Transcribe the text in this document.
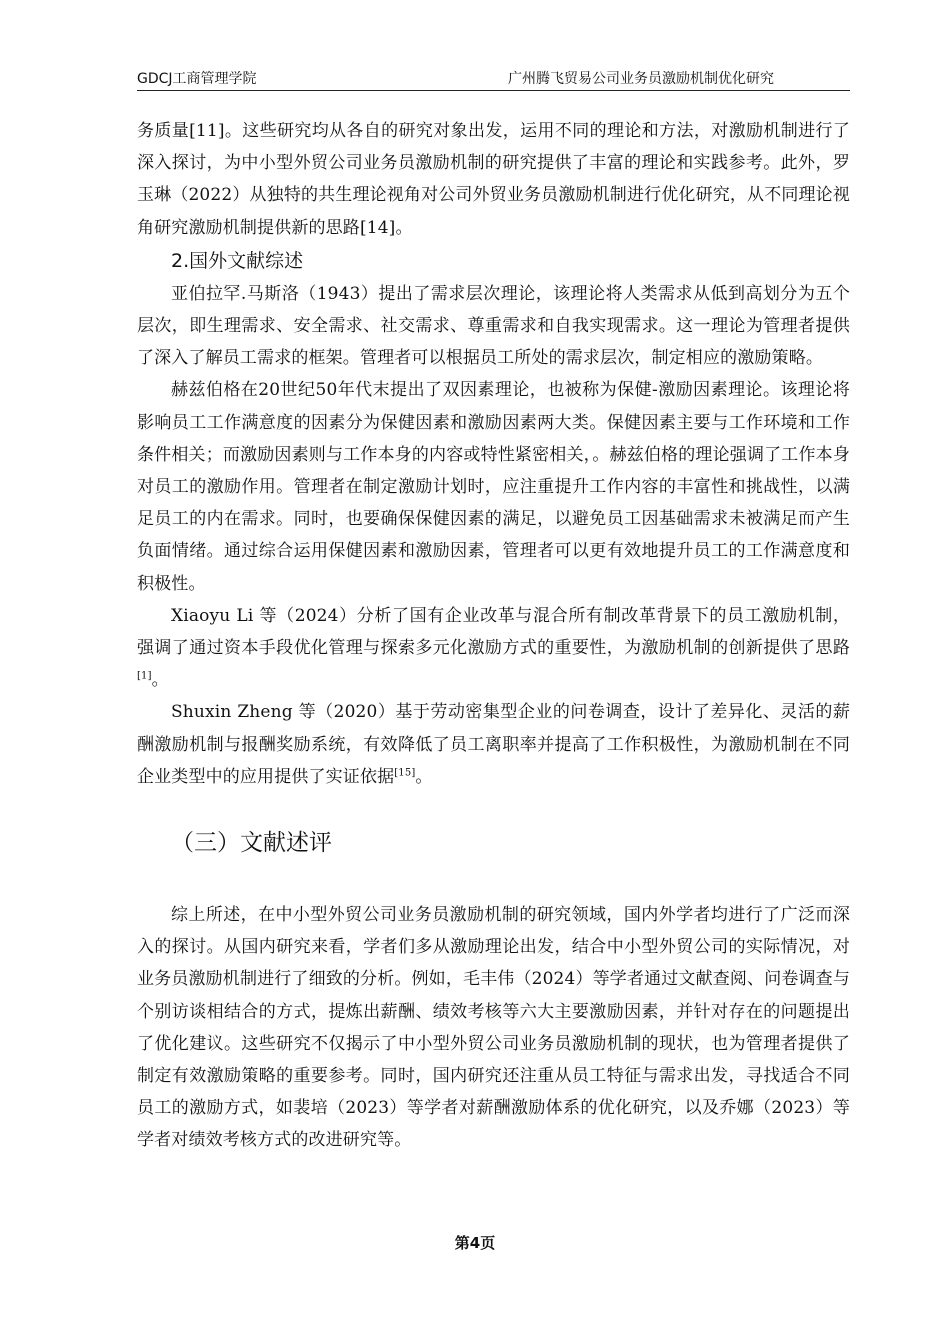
GDCJ工商管理学院	广州腾飞贸易公司业务员激励机制优化研究

务质量[11]。这些研究均从各自的研究对象出发，运用不同的理论和方法，对激励机制进行了深入探讨，为中小型外贸公司业务员激励机制的研究提供了丰富的理论和实践参考。此外，罗玉琳（2022）从独特的共生理论视角对公司外贸业务员激励机制进行优化研究，从不同理论视角研究激励机制提供新的思路[14]。

2.国外文献综述

亚伯拉罕.马斯洛（1943）提出了需求层次理论，该理论将人类需求从低到高划分为五个层次，即生理需求、安全需求、社交需求、尊重需求和自我实现需求。这一理论为管理者提供了深入了解员工需求的框架。管理者可以根据员工所处的需求层次，制定相应的激励策略。

赫兹伯格在20世纪50年代末提出了双因素理论，也被称为保健-激励因素理论。该理论将影响员工工作满意度的因素分为保健因素和激励因素两大类。保健因素主要与工作环境和工作条件相关；而激励因素则与工作本身的内容或特性紧密相关，。赫兹伯格的理论强调了工作本身对员工的激励作用。管理者在制定激励计划时，应注重提升工作内容的丰富性和挑战性，以满足员工的内在需求。同时，也要确保保健因素的满足，以避免员工因基础需求未被满足而产生负面情绪。通过综合运用保健因素和激励因素，管理者可以更有效地提升员工的工作满意度和积极性。

Xiaoyu Li 等（2024）分析了国有企业改革与混合所有制改革背景下的员工激励机制，强调了通过资本手段优化管理与探索多元化激励方式的重要性，为激励机制的创新提供了思路[1]。

Shuxin Zheng 等（2020）基于劳动密集型企业的问卷调查，设计了差异化、灵活的薪酬激励机制与报酬奖励系统，有效降低了员工离职率并提高了工作积极性，为激励机制在不同企业类型中的应用提供了实证依据[15]。

（三）文献述评

综上所述，在中小型外贸公司业务员激励机制的研究领域，国内外学者均进行了广泛而深入的探讨。从国内研究来看，学者们多从激励理论出发，结合中小型外贸公司的实际情况，对业务员激励机制进行了细致的分析。例如，毛丰伟（2024）等学者通过文献查阅、问卷调查与个别访谈相结合的方式，提炼出薪酬、绩效考核等六大主要激励因素，并针对存在的问题提出了优化建议。这些研究不仅揭示了中小型外贸公司业务员激励机制的现状，也为管理者提供了制定有效激励策略的重要参考。同时，国内研究还注重从员工特征与需求出发，寻找适合不同员工的激励方式，如裴培（2023）等学者对薪酬激励体系的优化研究，以及乔娜（2023）等学者对绩效考核方式的改进研究等。

第4页
